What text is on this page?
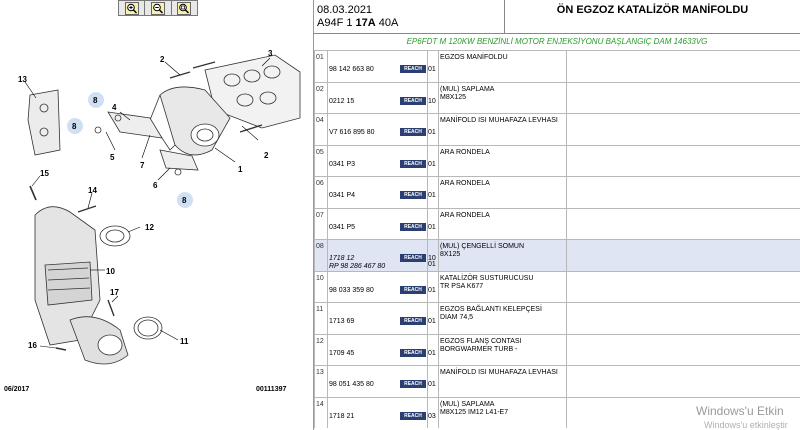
8
8
8
2
3
13
4
5
7
6
1
2
15
14
12
10
17
11
16
06/2017	00111397
08.03.2021
A94F 1 17A 40A
ÖN EGZOZ KATALİZÖR MANİFOLDU
EP6FDT M 120KW BENZİNLİ MOTOR ENJEKSİYONU BAŞLANGIÇ DAM 14633VG
01
98 142 663 80	REACH 01
EGZOS MANİFOLDU
02
0212 15	REACH 10
(MUL) SAPLAMA
M8X125
04
V7 616 895 80	REACH 01
MANİFOLD ISI MUHAFAZA LEVHASI
05
0341 P3	REACH 01
ARA RONDELA
06
0341 P4	REACH 01
ARA RONDELA
07
0341 P5	REACH 01
ARA RONDELA
08
1718 12
RP 98 286 467 80
REACH 10
01
(MUL) ÇENGELLİ SOMUN
8X125
10
98 033 359 80	REACH 01
KATALİZÖR SUSTURUCUSU
TR PSA K677
11
1713 69	REACH 01
EGZOS BAĞLANTI KELEPÇESİ
DIAM 74,5
12
1709 45	REACH 01
EGZOS FLANŞ CONTASI
BORGWARMER TURB -
13
98 051 435 80	REACH 01
MANİFOLD ISI MUHAFAZA LEVHASI
14
1718 21	REACH 03
(MUL) SAPLAMA
M8X125 IM12 L41-E7	Windows'u Etkin
Windows'u etkinleştir
